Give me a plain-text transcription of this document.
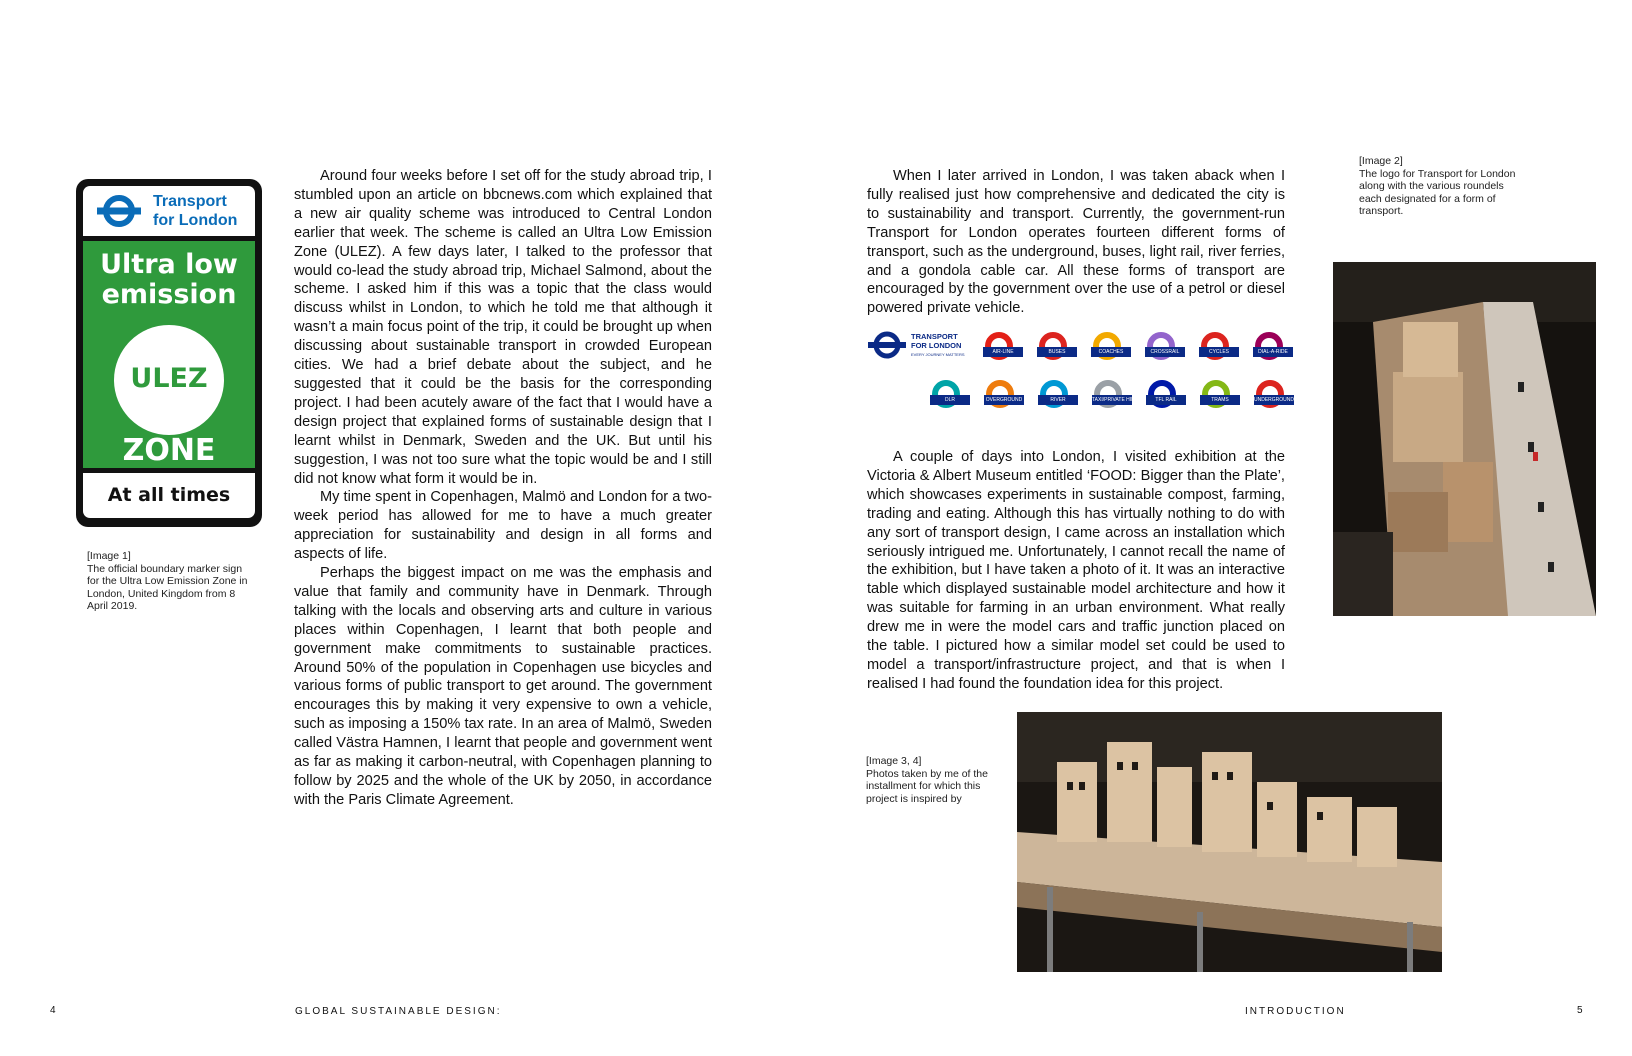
Transport
for London
Ultra low
emission
ULEZ
ZONE
At all times
[Image 1]
The official boundary marker sign for the Ultra Low Emission Zone in London, United Kingdom from 8 April 2019.

Around four weeks before I set off for the study abroad trip, I stumbled upon an article on bbcnews.com which explained that a new air quality scheme was introduced to Central London earlier that week. The scheme is called an Ultra Low Emission Zone (ULEZ). A few days later, I talked to the professor that would co-lead the study abroad trip, Michael Salmond, about the scheme. I asked him if this was a topic that the class would discuss whilst in London, to which he told me that although it wasn’t a main focus point of the trip, it could be brought up when discussing about sustainable transport in crowded European cities. We had a brief debate about the subject, and he suggested that it could be the basis for the corresponding project. I had been acutely aware of the fact that I would have a design project that explained forms of sustainable design that I learnt whilst in Denmark, Sweden and the UK. But until his suggestion, I was not too sure what the topic would be and I still did not know what form it would be in.

My time spent in Copenhagen, Malmö and London for a two-week period has allowed for me to have a much greater appreciation for sustainability and design in all forms and aspects of life.

Perhaps the biggest impact on me was the emphasis and value that family and community have in Denmark. Through talking with the locals and observing arts and culture in various places within Copenhagen, I learnt that both people and government make commitments to sustainable practices. Around 50% of the population in Copenhagen use bicycles and various forms of public transport to get around. The government encourages this by making it very expensive to own a vehicle, such as imposing a 150% tax rate. In an area of Malmö, Sweden called Västra Hamnen, I learnt that people and government went as far as making it carbon-neutral, with Copenhagen planning to follow by 2025 and the whole of the UK by 2050, in accordance with the Paris Climate Agreement.

4	GLOBAL SUSTAINABLE DESIGN:

When I later arrived in London, I was taken aback when I fully realised just how comprehensive and dedicated the city is to sustainability and transport. Currently, the government-run Transport for London operates fourteen different forms of transport, such as the underground, buses, light rail, river ferries, and a gondola cable car. All these forms of transport are encouraged by the government over the use of a petrol or diesel powered private vehicle.

TRANSPORT
FOR LONDON
EVERY JOURNEY MATTERS	AIR-LINE	BUSES	COACHES	CROSSRAIL	CYCLES	DIAL-A-RIDE
DLR	OVERGROUND	RIVER	TAXI/PRIVATE HIRE	TFL RAIL	TRAMS	UNDERGROUND

A couple of days into London, I visited exhibition at the Victoria & Albert Museum entitled ‘FOOD: Bigger than the Plate’, which showcases experiments in sustainable compost, farming, trading and eating. Although this has virtually nothing to do with any sort of transport design, I came across an installation which seriously intrigued me. Unfortunately, I cannot recall the name of the exhibition, but I have taken a photo of it. It was an interactive table which displayed sustainable model architecture and how it was suitable for farming in an urban environment. What really drew me in were the model cars and traffic junction placed on the table. I pictured how a similar model set could be used to model a transport/infrastructure project, and that is when I realised I had found the foundation idea for this project.

[Image 2]
The logo for Transport for London along with the various roundels each designated for a form of transport.
[Image 3, 4]
Photos taken by me of the installment for which this project is inspired by
INTRODUCTION	5
